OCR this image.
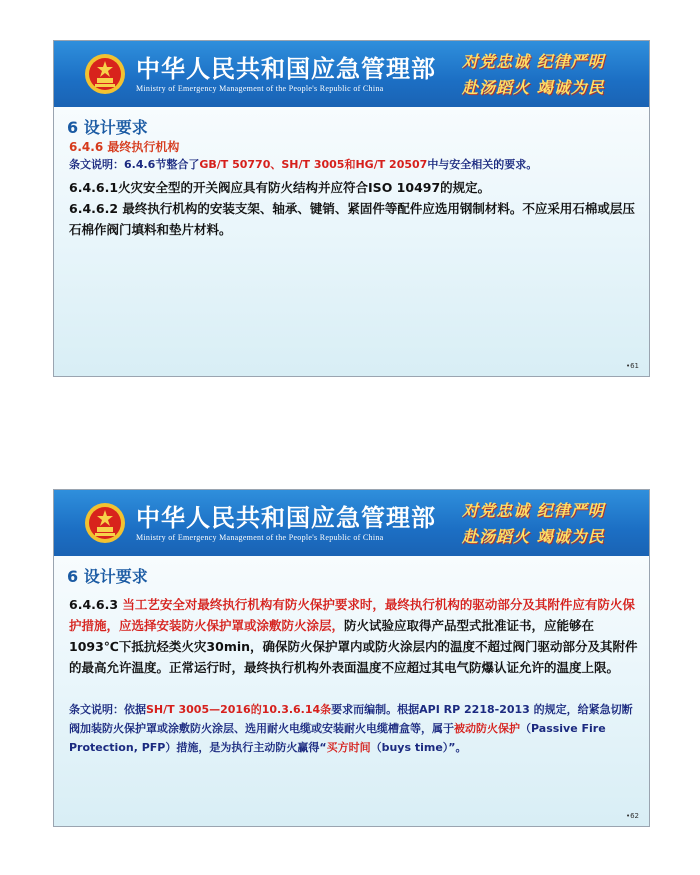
中华人民共和国应急管理部
Ministry of Emergency Management of the People's Republic of China
对党忠诚 纪律严明
赴汤蹈火 竭诚为民
6 设计要求
6.4.6 最终执行机构

条文说明：6.4.6节整合了GB/T 50770、SH/T 3005和HG/T 20507中与安全相关的要求。

6.4.6.1火灾安全型的开关阀应具有防火结构并应符合ISO 10497的规定。

6.4.6.2 最终执行机构的安装支架、轴承、键销、紧固件等配件应选用钢制材料。不应采用石棉或层压石棉作阀门填料和垫片材料。

•61
中华人民共和国应急管理部
Ministry of Emergency Management of the People's Republic of China
对党忠诚 纪律严明
赴汤蹈火 竭诚为民
6 设计要求

6.4.6.3 当工艺安全对最终执行机构有防火保护要求时，最终执行机构的驱动部分及其附件应有防火保护措施，应选择安装防火保护罩或涂敷防火涂层，防火试验应取得产品型式批准证书，应能够在1093℃下抵抗烃类火灾30min，确保防火保护罩内或防火涂层内的温度不超过阀门驱动部分及其附件的最高允许温度。正常运行时，最终执行机构外表面温度不应超过其电气防爆认证允许的温度上限。

条文说明：依据SH/T 3005—2016的10.3.6.14条要求而编制。根据API RP 2218-2013 的规定，给紧急切断阀加装防火保护罩或涂敷防火涂层、选用耐火电缆或安装耐火电缆槽盒等，属于被动防火保护（Passive Fire Protection, PFP）措施，是为执行主动防火赢得“买方时间（buys time）”。

•62
